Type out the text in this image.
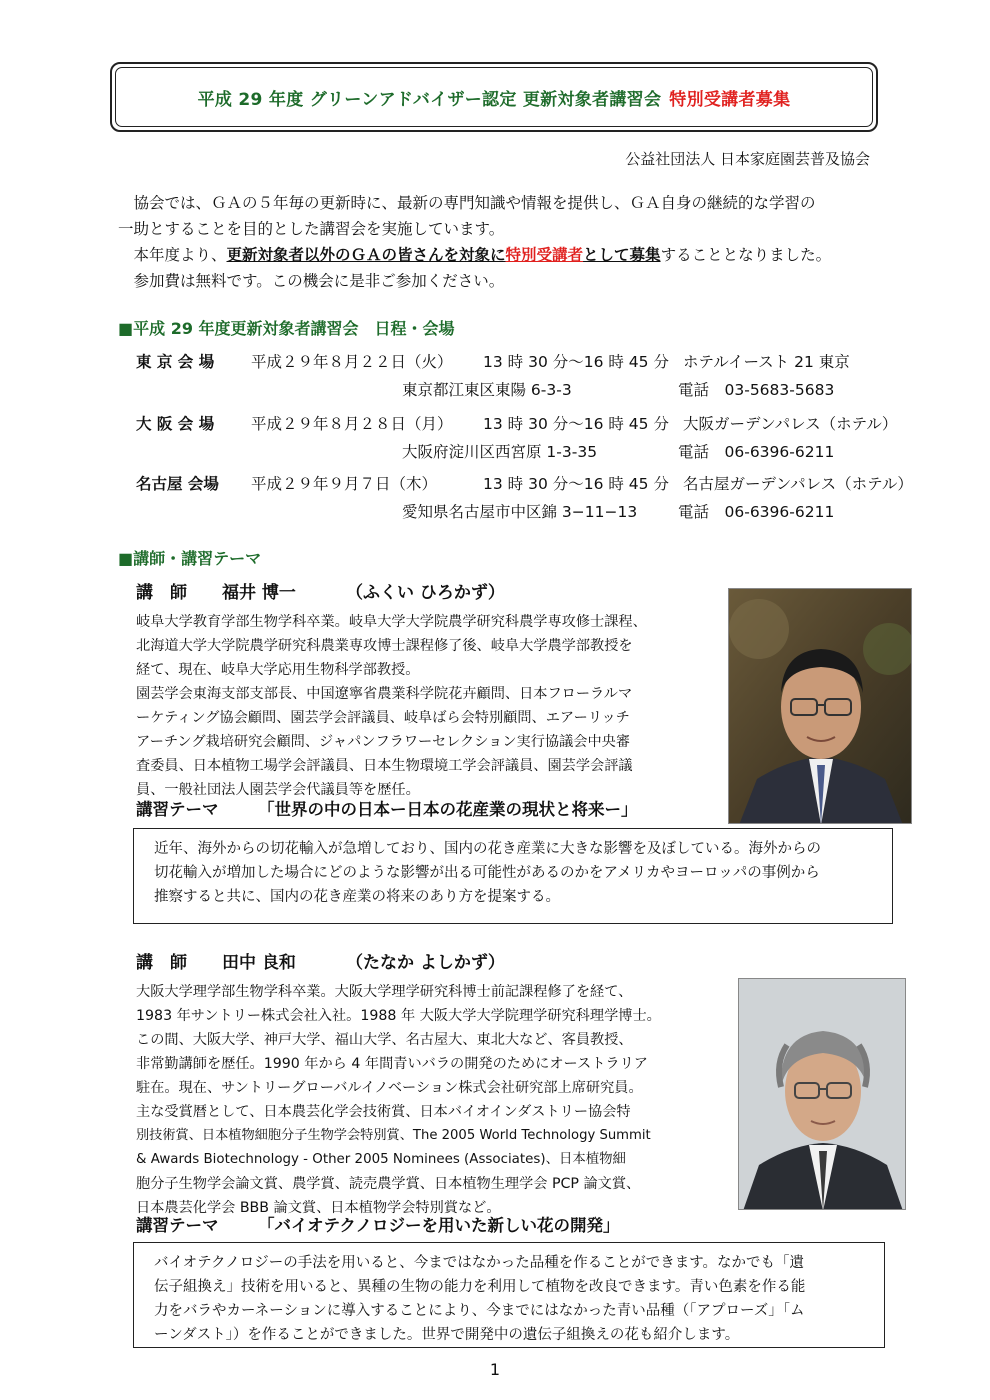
平成 29 年度 グリーンアドバイザー認定 更新対象者講習会 特別受講者募集
公益社団法人 日本家庭園芸普及協会

　協会では、ＧＡの５年毎の更新時に、最新の専門知識や情報を提供し、ＧＡ自身の継続的な学習の

一助とすることを目的とした講習会を実施しています。

　本年度より、更新対象者以外のＧＡの皆さんを対象に特別受講者として募集することとなりました。

　参加費は無料です。この機会に是非ご参加ください。

■平成 29 年度更新対象者講習会　日程・会場
東 京 会 場	平成２９年８月２２日（火）	13 時 30 分〜16 時 45 分 ホテルイースト 21 東京
東京都江東区東陽 6-3-3	電話　03-5683-5683
大 阪 会 場	平成２９年８月２８日（月）	13 時 30 分〜16 時 45 分 大阪ガーデンパレス（ホテル）
大阪府淀川区西宮原 1-3-35	電話　06-6396-6211
名古屋 会場	平成２９年９月７日（木）	13 時 30 分〜16 時 45 分 名古屋ガーデンパレス（ホテル）
愛知県名古屋市中区錦 3−11−13	電話　06-6396-6211
■講師・講習テーマ
講　師 福井 博一	（ふくい ひろかず）
岐阜大学教育学部生物学科卒業。岐阜大学大学院農学研究科農学専攻修士課程、
北海道大学大学院農学研究科農業専攻博士課程修了後、岐阜大学農学部教授を
経て、現在、岐阜大学応用生物科学部教授。
園芸学会東海支部支部長、中国遼寧省農業科学院花卉顧問、日本フローラルマ
ーケティング協会顧問、園芸学会評議員、岐阜ばら会特別顧問、エアーリッチ
アーチング栽培研究会顧問、ジャパンフラワーセレクション実行協議会中央審
査委員、日本植物工場学会評議員、日本生物環境工学会評議員、園芸学会評議
員、一般社団法人園芸学会代議員等を歴任。
講習テーマ 「世界の中の日本ー日本の花産業の現状と将来ー」
近年、海外からの切花輸入が急増しており、国内の花き産業に大きな影響を及ぼしている。海外からの
切花輸入が増加した場合にどのような影響が出る可能性があるのかをアメリカやヨーロッパの事例から
推察すると共に、国内の花き産業の将来のあり方を提案する。
講　師 田中 良和	（たなか よしかず）
大阪大学理学部生物学科卒業。大阪大学理学研究科博士前記課程修了を経て、
1983 年サントリー株式会社入社。1988 年 大阪大学大学院理学研究科理学博士。
この間、大阪大学、神戸大学、福山大学、名古屋大、東北大など、客員教授、
非常勤講師を歴任。1990 年から 4 年間青いバラの開発のためにオーストラリア
駐在。現在、サントリーグローバルイノベーション株式会社研究部上席研究員。
主な受賞暦として、日本農芸化学会技術賞、日本バイオインダストリー協会特
別技術賞、日本植物細胞分子生物学会特別賞、The 2005 World Technology Summit
& Awards Biotechnology - Other 2005 Nominees (Associates)、日本植物細
胞分子生物学会論文賞、農学賞、読売農学賞、日本植物生理学会 PCP 論文賞、
日本農芸化学会 BBB 論文賞、日本植物学会特別賞など。
講習テーマ 「バイオテクノロジーを用いた新しい花の開発」
バイオテクノロジーの手法を用いると、今まではなかった品種を作ることができます。なかでも「遺
伝子組換え」技術を用いると、異種の生物の能力を利用して植物を改良できます。青い色素を作る能
力をバラやカーネーションに導入することにより、今までにはなかった青い品種（「アプローズ」「ム
ーンダスト」）を作ることができました。世界で開発中の遺伝子組換えの花も紹介します。
1
